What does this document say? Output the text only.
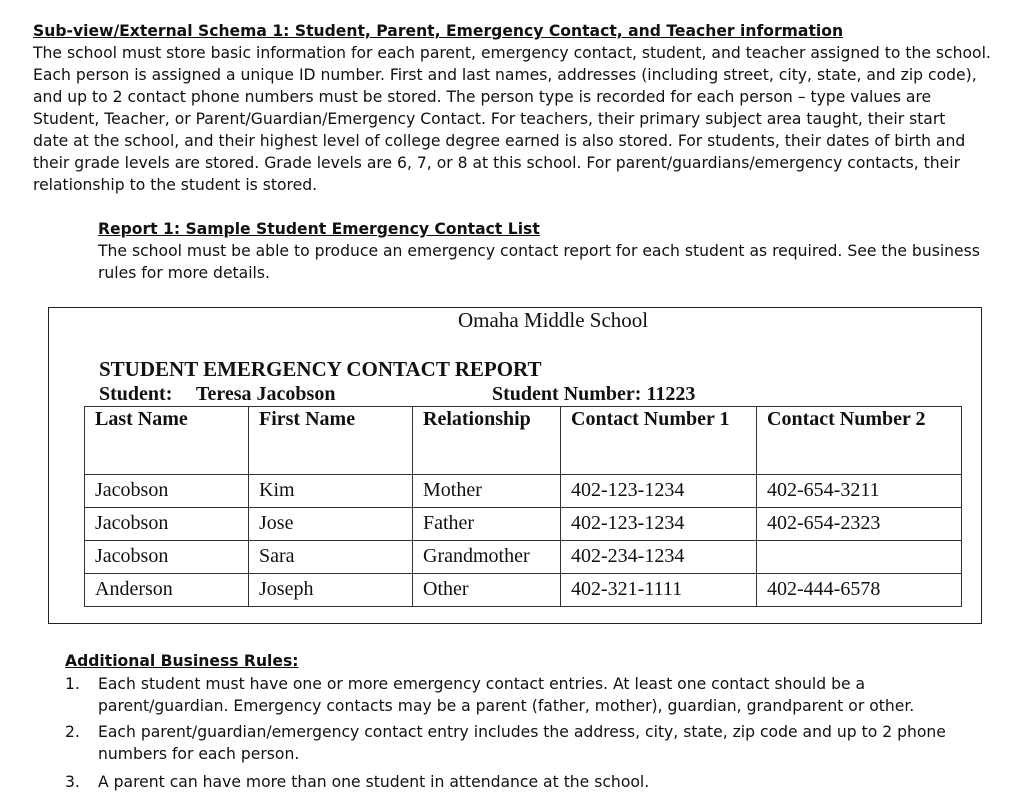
Sub-view/External Schema 1: Student, Parent, Emergency Contact, and Teacher information
The school must store basic information for each parent, emergency contact, student, and teacher assigned to the school.
Each person is assigned a unique ID number. First and last names, addresses (including street, city, state, and zip code),
and up to 2 contact phone numbers must be stored. The person type is recorded for each person – type values are
Student, Teacher, or Parent/Guardian/Emergency Contact. For teachers, their primary subject area taught, their start
date at the school, and their highest level of college degree earned is also stored. For students, their dates of birth and
their grade levels are stored. Grade levels are 6, 7, or 8 at this school. For parent/guardians/emergency contacts, their
relationship to the student is stored.
Report 1: Sample Student Emergency Contact List
The school must be able to produce an emergency contact report for each student as required. See the business
rules for more details.
Omaha Middle School
STUDENT EMERGENCY CONTACT REPORT
Student: Teresa Jacobson	Student Number: 11223
Last Name	First Name	Relationship	Contact Number 1	Contact Number 2
Jacobson	Kim	Mother	402-123-1234	402-654-3211
Jacobson	Jose	Father	402-123-1234	402-654-2323
Jacobson	Sara	Grandmother	402-234-1234	
Anderson	Joseph	Other	402-321-1111	402-444-6578
Additional Business Rules:
1. Each student must have one or more emergency contact entries. At least one contact should be a
parent/guardian. Emergency contacts may be a parent (father, mother), guardian, grandparent or other.
2. Each parent/guardian/emergency contact entry includes the address, city, state, zip code and up to 2 phone
numbers for each person.
3. A parent can have more than one student in attendance at the school.
